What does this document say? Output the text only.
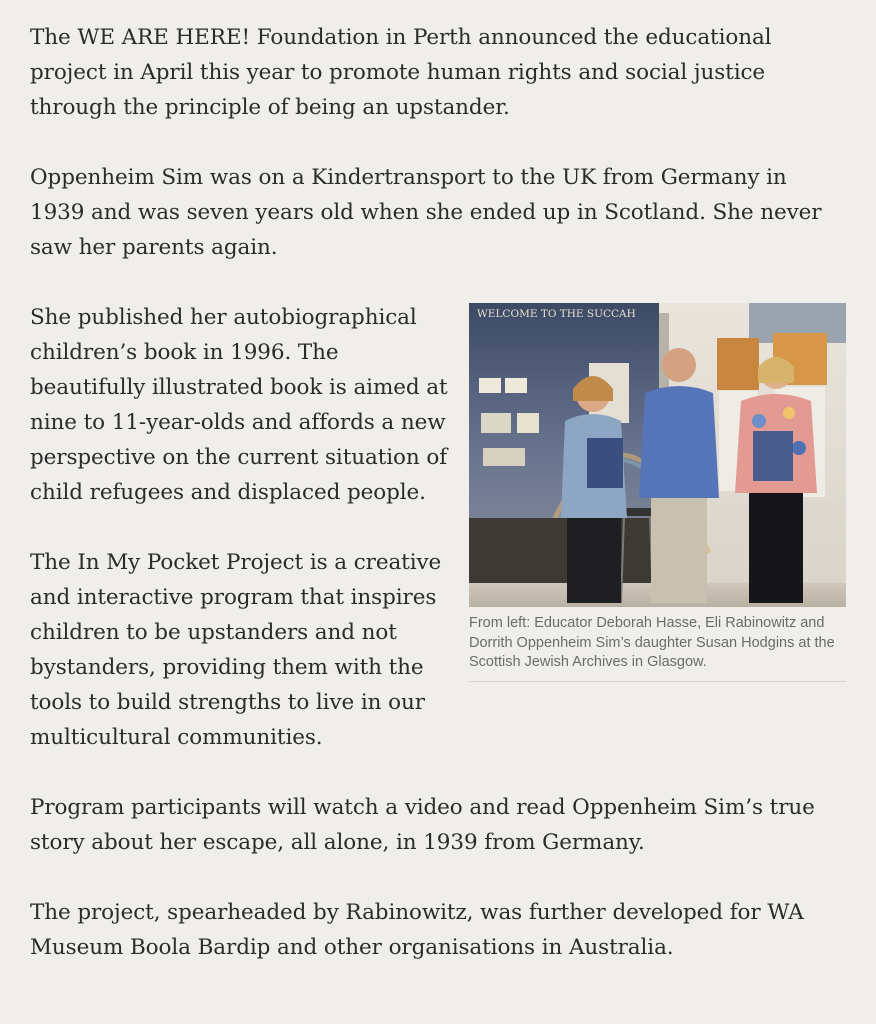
The WE ARE HERE! Foundation in Perth announced the educational project in April this year to promote human rights and social justice through the principle of being an upstander.

Oppenheim Sim was on a Kindertransport to the UK from Germany in 1939 and was seven years old when she ended up in Scotland. She never saw her parents again.

WELCOME TO THE SUCCAH
From left: Educator Deborah Hasse, Eli Rabinowitz and Dorrith Oppenheim Sim’s daughter Susan Hodgins at the Scottish Jewish Archives in Glasgow.

She published her autobiographical children’s book in 1996. The beautifully illustrated book is aimed at nine to 11-year-olds and affords a new perspective on the current situation of child refugees and displaced people.

The In My Pocket Project is a creative and interactive program that inspires children to be upstanders and not bystanders, providing them with the tools to build strengths to live in our multicultural communities.

Program participants will watch a video and read Oppenheim Sim’s true story about her escape, all alone, in 1939 from Germany.

The project, spearheaded by Rabinowitz, was further developed for WA Museum Boola Bardip and other organisations in Australia.
